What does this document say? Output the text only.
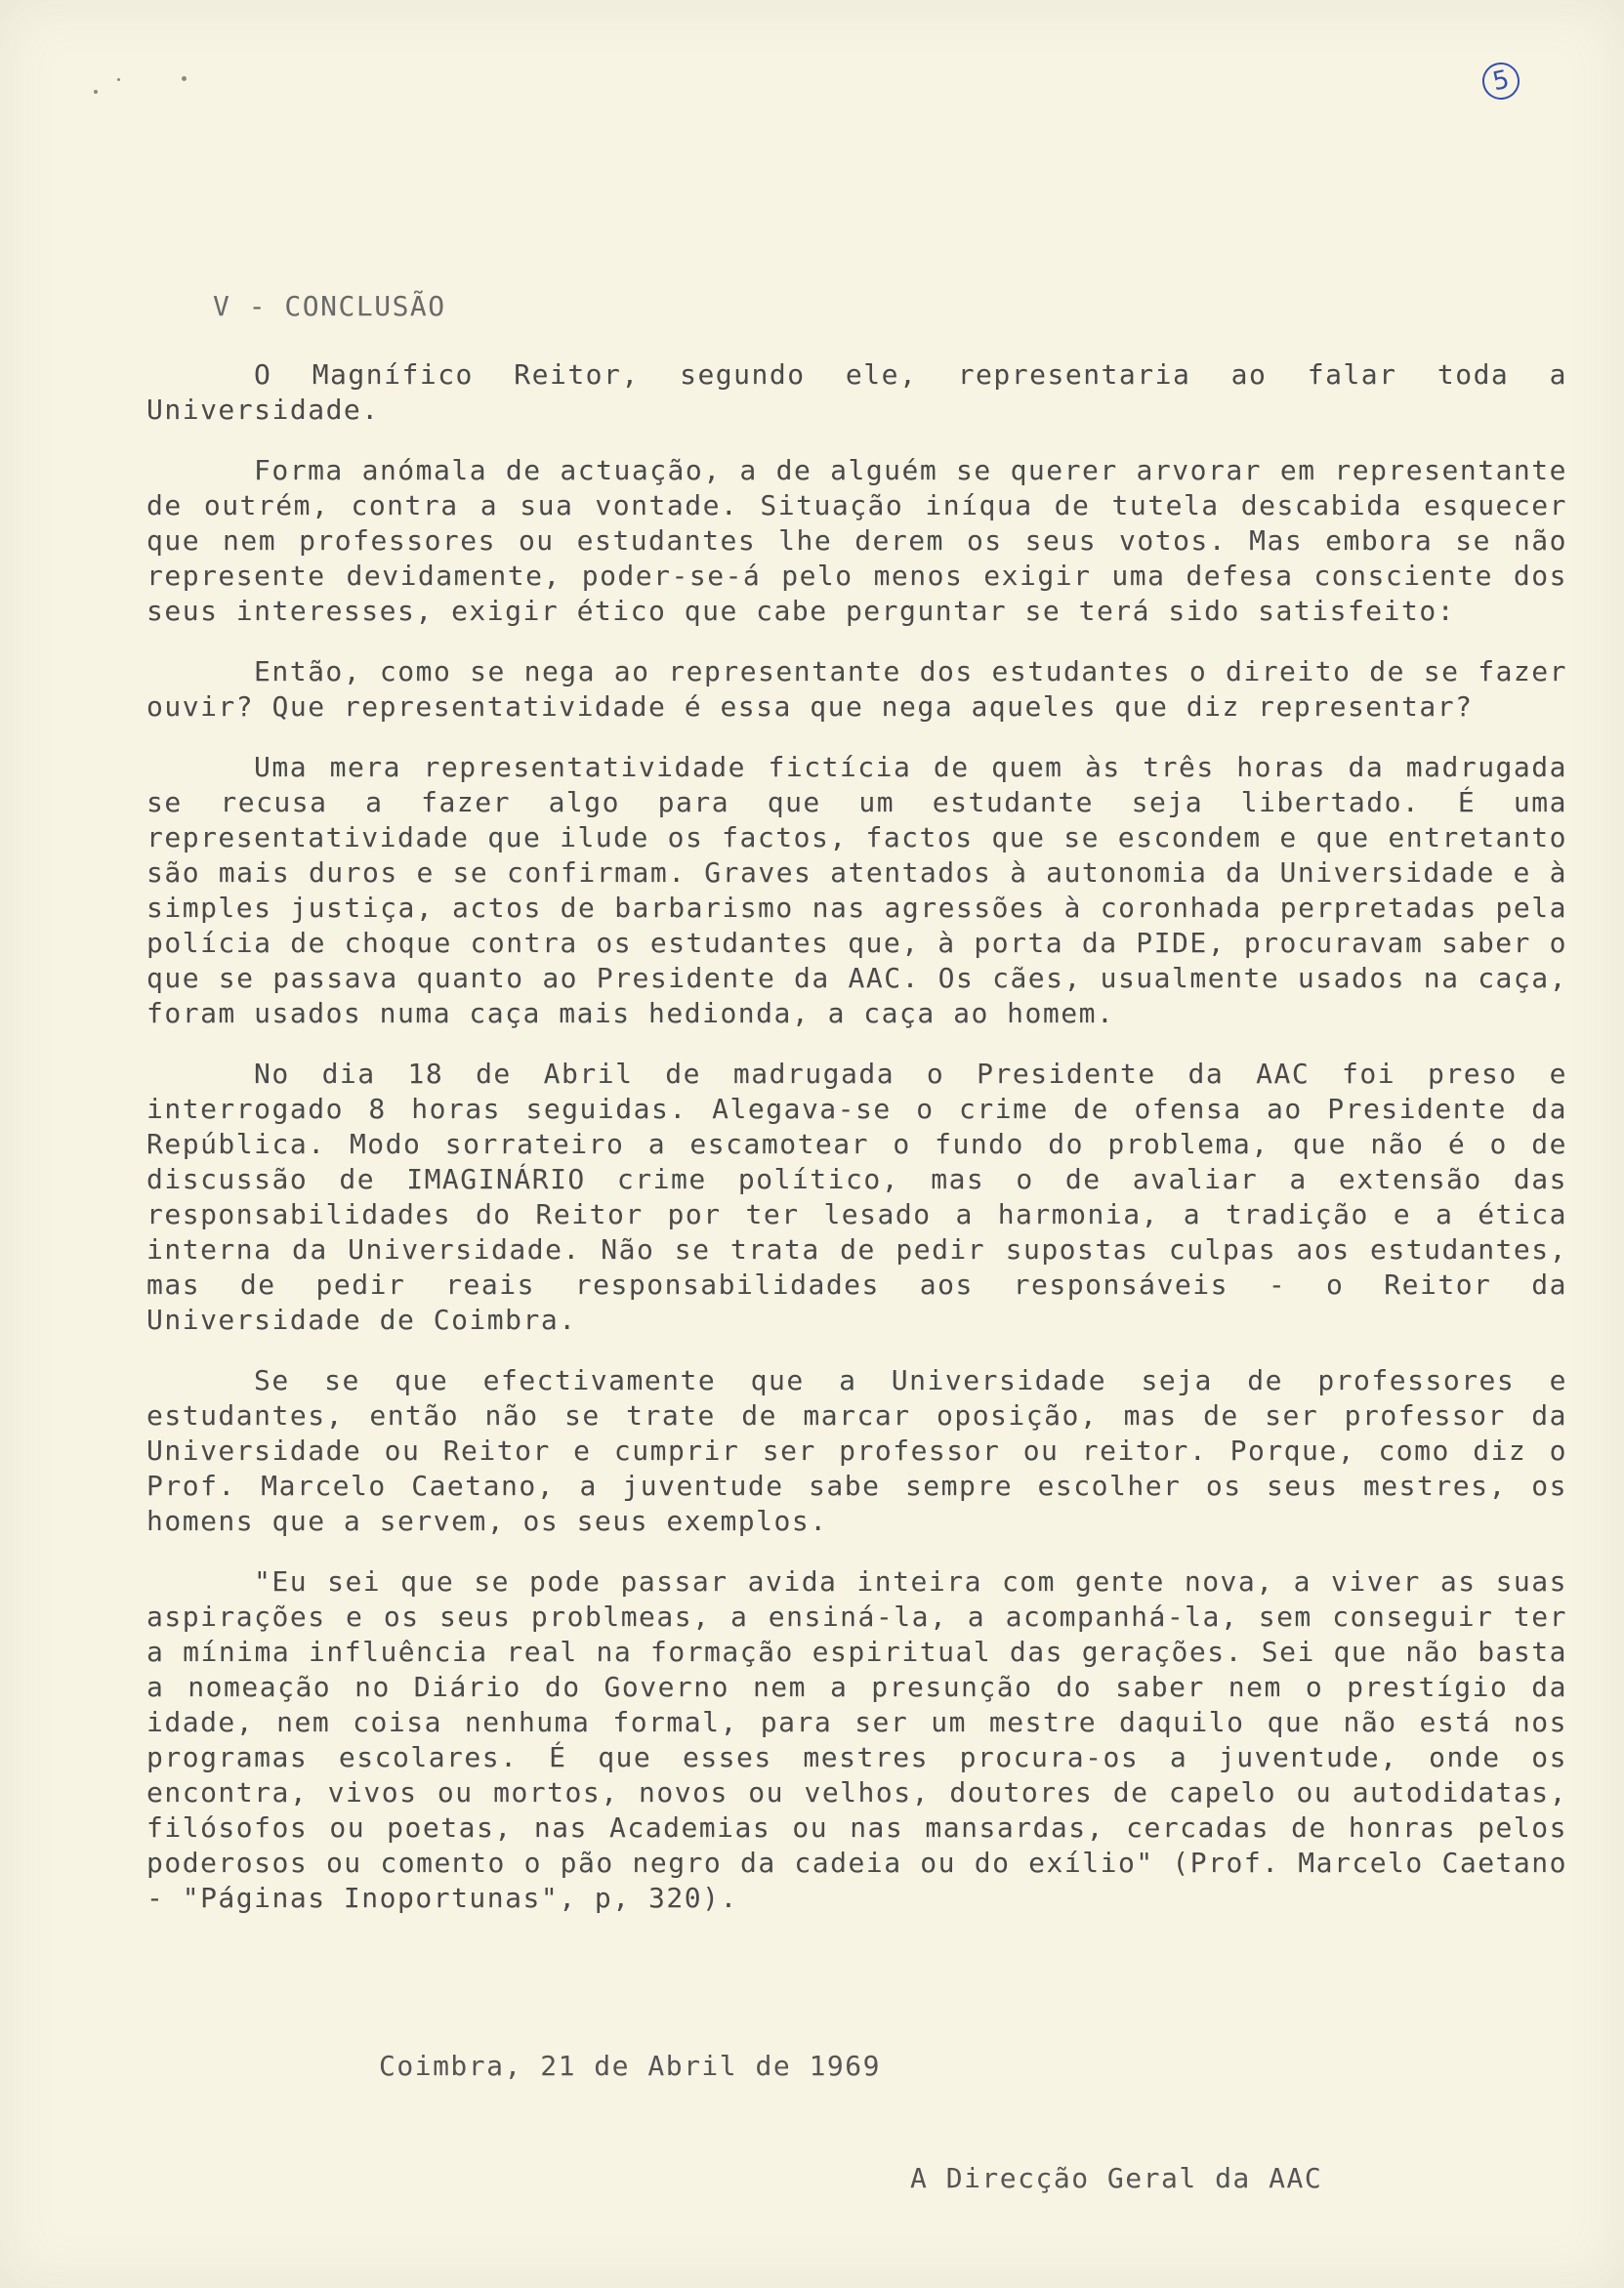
5
V - CONCLUSÃO

O Magnífico Reitor, segundo ele, representaria ao falar toda a Universidade.

Forma anómala de actuação, a de alguém se querer arvorar em representante de outrém, contra a sua vontade. Situação iníqua de tutela descabida esquecer que nem professores ou estudantes lhe derem os seus votos. Mas embora se não represente devidamente, poder-se-á pelo menos exigir uma defesa consciente dos seus interesses, exigir ético que cabe perguntar se terá sido satisfeito:

Então, como se nega ao representante dos estudantes o direito de se fazer ouvir? Que representatividade é essa que nega aqueles que diz representar?

Uma mera representatividade fictícia de quem às três horas da madrugada se recusa a fazer algo para que um estudante seja libertado. É uma representatividade que ilude os factos, factos que se escondem e que entretanto são mais duros e se confirmam. Graves atentados à autonomia da Universidade e à simples justiça, actos de barbarismo nas agressões à coronhada perpretadas pela polícia de choque contra os estudantes que, à porta da PIDE, procuravam saber o que se passava quanto ao Presidente da AAC. Os cães, usualmente usados na caça, foram usados numa caça mais hedionda, a caça ao homem.

No dia 18 de Abril de madrugada o Presidente da AAC foi preso e interrogado 8 horas seguidas. Alegava-se o crime de ofensa ao Presidente da República. Modo sorrateiro a escamotear o fundo do problema, que não é o de discussão de IMAGINÁRIO crime político, mas o de avaliar a extensão das responsabilidades do Reitor por ter lesado a harmonia, a tradição e a ética interna da Universidade. Não se trata de pedir supostas culpas aos estudantes, mas de pedir reais responsabilidades aos responsáveis - o Reitor da Universidade de Coimbra.

Se se que efectivamente que a Universidade seja de professores e estudantes, então não se trate de marcar oposição, mas de ser professor da Universidade ou Reitor e cumprir ser professor ou reitor. Porque, como diz o Prof. Marcelo Caetano, a juventude sabe sempre escolher os seus mestres, os homens que a servem, os seus exemplos.

"Eu sei que se pode passar avida inteira com gente nova, a viver as suas aspirações e os seus problmeas, a ensiná-la, a acompanhá-la, sem conseguir ter a mínima influência real na formação espiritual das gerações. Sei que não basta a nomeação no Diário do Governo nem a presunção do saber nem o prestígio da idade, nem coisa nenhuma formal, para ser um mestre daquilo que não está nos programas escolares. É que esses mestres procura-os a juventude, onde os encontra, vivos ou mortos, novos ou velhos, doutores de capelo ou autodidatas, filósofos ou poetas, nas Academias ou nas mansardas, cercadas de honras pelos poderosos ou comento o pão negro da cadeia ou do exílio" (Prof. Marcelo Caetano - "Páginas Inoportunas", p, 320).

Coimbra, 21 de Abril de 1969
A Direcção Geral da AAC
